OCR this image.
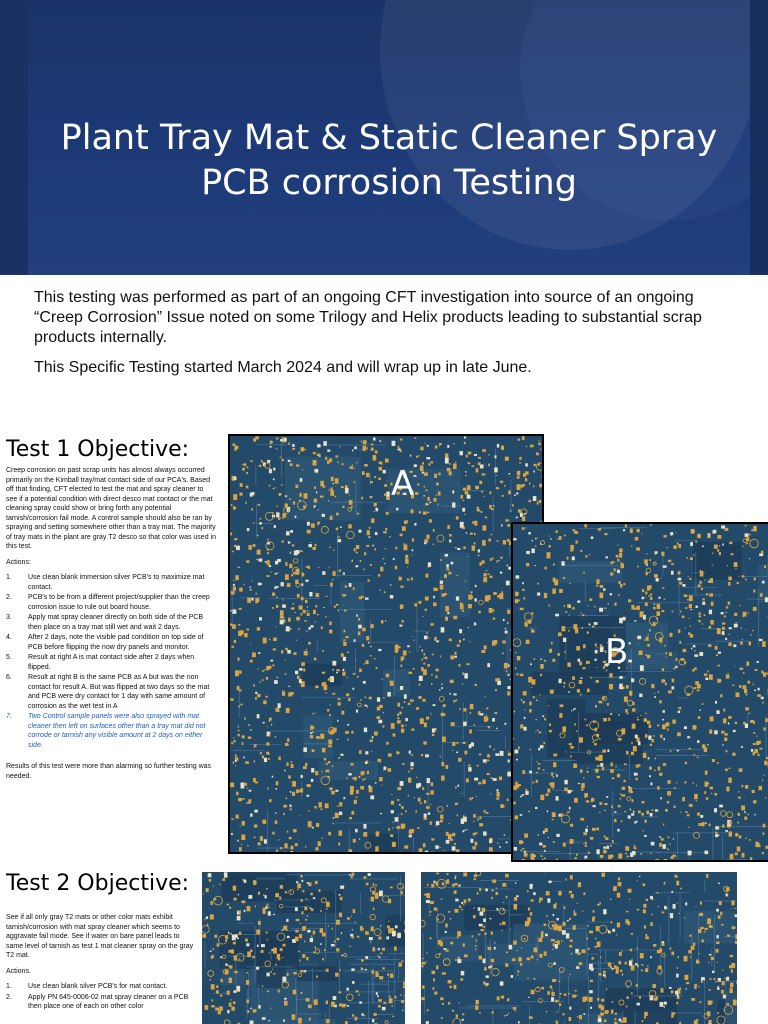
Plant Tray Mat & Static Cleaner Spray
PCB corrosion Testing

This testing was performed as part of an ongoing CFT investigation into source of an ongoing “Creep Corrosion” Issue noted on some Trilogy and Helix products leading to substantial scrap products internally.

This Specific Testing started March 2024 and will wrap up in late June.

Test 1 Objective:

Creep corrosion on past scrap units has almost always occurred primarily on the Kimball tray/mat contact side of our PCA's. Based off that finding, CFT elected to test the mat and spray cleaner to see if a potential condition with direct desco mat contact or the mat cleaning spray could show or bring forth any potential tarnish/corrosion fail mode. A control sample should also be ran by spraying and setting somewhere other than a tray mat. The majority of tray mats in the plant are gray T2 desco so that color was used in this test.

Actions:

1. Use clean blank immersion silver PCB's to maximize mat contact.
2. PCB's to be from a different project/supplier than the creep corrosion issue to rule out board house.
3. Apply mat spray cleaner directly on both side of the PCB then place on a tray mat still wet and wait 2 days.
4. After 2 days, note the visible pad condition on top side of PCB before flipping the now dry panels and monitor.
5. Result at right A is mat contact side after 2 days when flipped.
6. Result at right B is the same PCB as A but was the non contact for result A. But was flipped at two days so the mat and PCB were dry contact for 1 day with same amount of corrosion as the wet test in A
7. Two Control sample panels were also sprayed with mat cleaner then left on surfaces other than a tray mat did not corrode or tarnish any visible amount at 2 days on either side.

Results of this test were more than alarming so further testing was needed.

A
B
Test 2 Objective:

See if all only gray T2 mats or other color mats exhibit tarnish/corrosion with mat spray cleaner which seems to aggravate fail mode. See if water on bare panel leads to same level of tarnish as test 1 mat cleaner spray on the gray T2 mat.

Actions.

1. Use clean blank silver PCB's for mat contact.
2. Apply PN 645-0006-02 mat spray cleaner on a PCB then place one of each on other color
